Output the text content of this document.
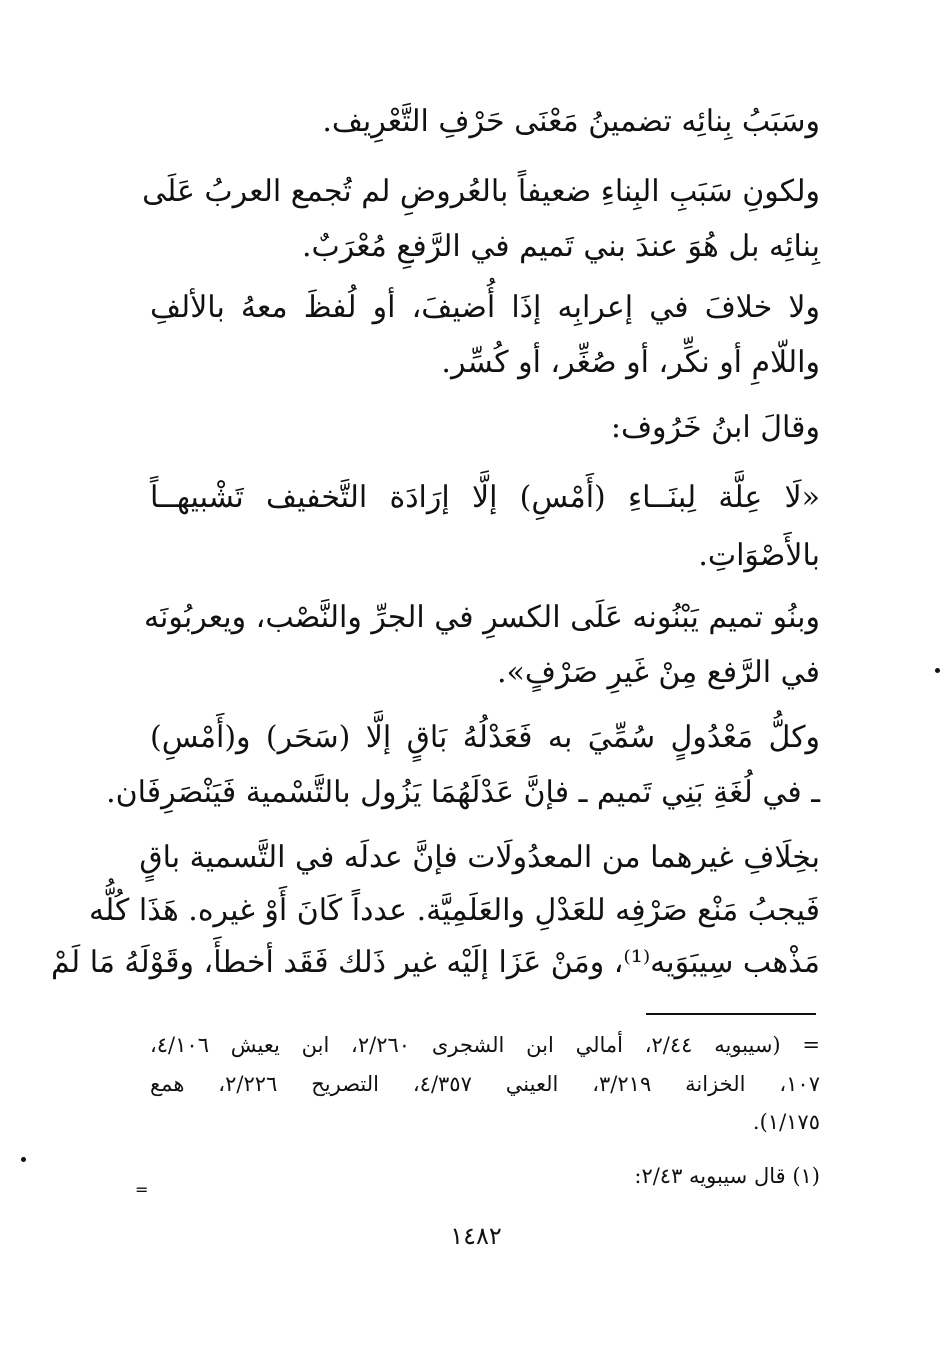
وسَبَبُ بِنائِه تضمينُ مَعْنَى حَرْفِ التَّعْرِيف.
ولكونِ سَبَبِ البِناءِ ضعيفاً بالعُروضِ لم تُجمع العربُ عَلَى
بِنائِه بل هُوَ عندَ بني تَميم في الرَّفعِ مُعْرَبٌ.
ولا خلافَ في إعرابِه إذَا أُضيفَ، أو لُفظَ معهُ بالألفِ
واللّامِ أو نكِّر، أو صُغِّر، أو كُسِّر.
وقالَ ابنُ خَرُوف:
«لَا عِلَّة لِبنَــاءِ (أَمْسِ) إلَّا إرَادَة التَّخفيف تَشْبيهــاً
بالأَصْوَاتِ.
وبنُو تميم يَبْنُونه عَلَى الكسرِ في الجرِّ والنَّصْب، ويعربُونَه
في الرَّفع مِنْ غَيرِ صَرْفٍ».
وكلُّ مَعْدُولٍ سُمِّيَ به فَعَدْلُهُ بَاقٍ إلَّا (سَحَر) و(أَمْسِ)
ـ في لُغَةِ بَنِي تَميم ـ فإنَّ عَدْلَهُمَا يَزُول بالتَّسْمية فَيَنْصَرِفَان.
بخِلَافِ غيرهما من المعدُولَات فإنَّ عدلَه في التَّسمية باقٍ
فَيجبُ مَنْع صَرْفِه للعَدْلِ والعَلَمِيَّة. عدداً كَانَ أَوْ غيره. هَذَا كُلُّه
مَذْهب سِيبَوَيه⁽¹⁾، ومَنْ عَزَا إلَيْه غير ذَلك فَقَد أخطأَ، وقَوْلَهُ مَا لَمْ
= (سيبويه ٢/٤٤، أمالي ابن الشجرى ٢/٢٦٠، ابن يعيش ٤/١٠٦،
١٠٧، الخزانة ٣/٢١٩، العيني ٤/٣٥٧، التصريح ٢/٢٢٦، همع
١/١٧٥).
(١) قال سيبويه ٢/٤٣:
١٤٨٢
=
